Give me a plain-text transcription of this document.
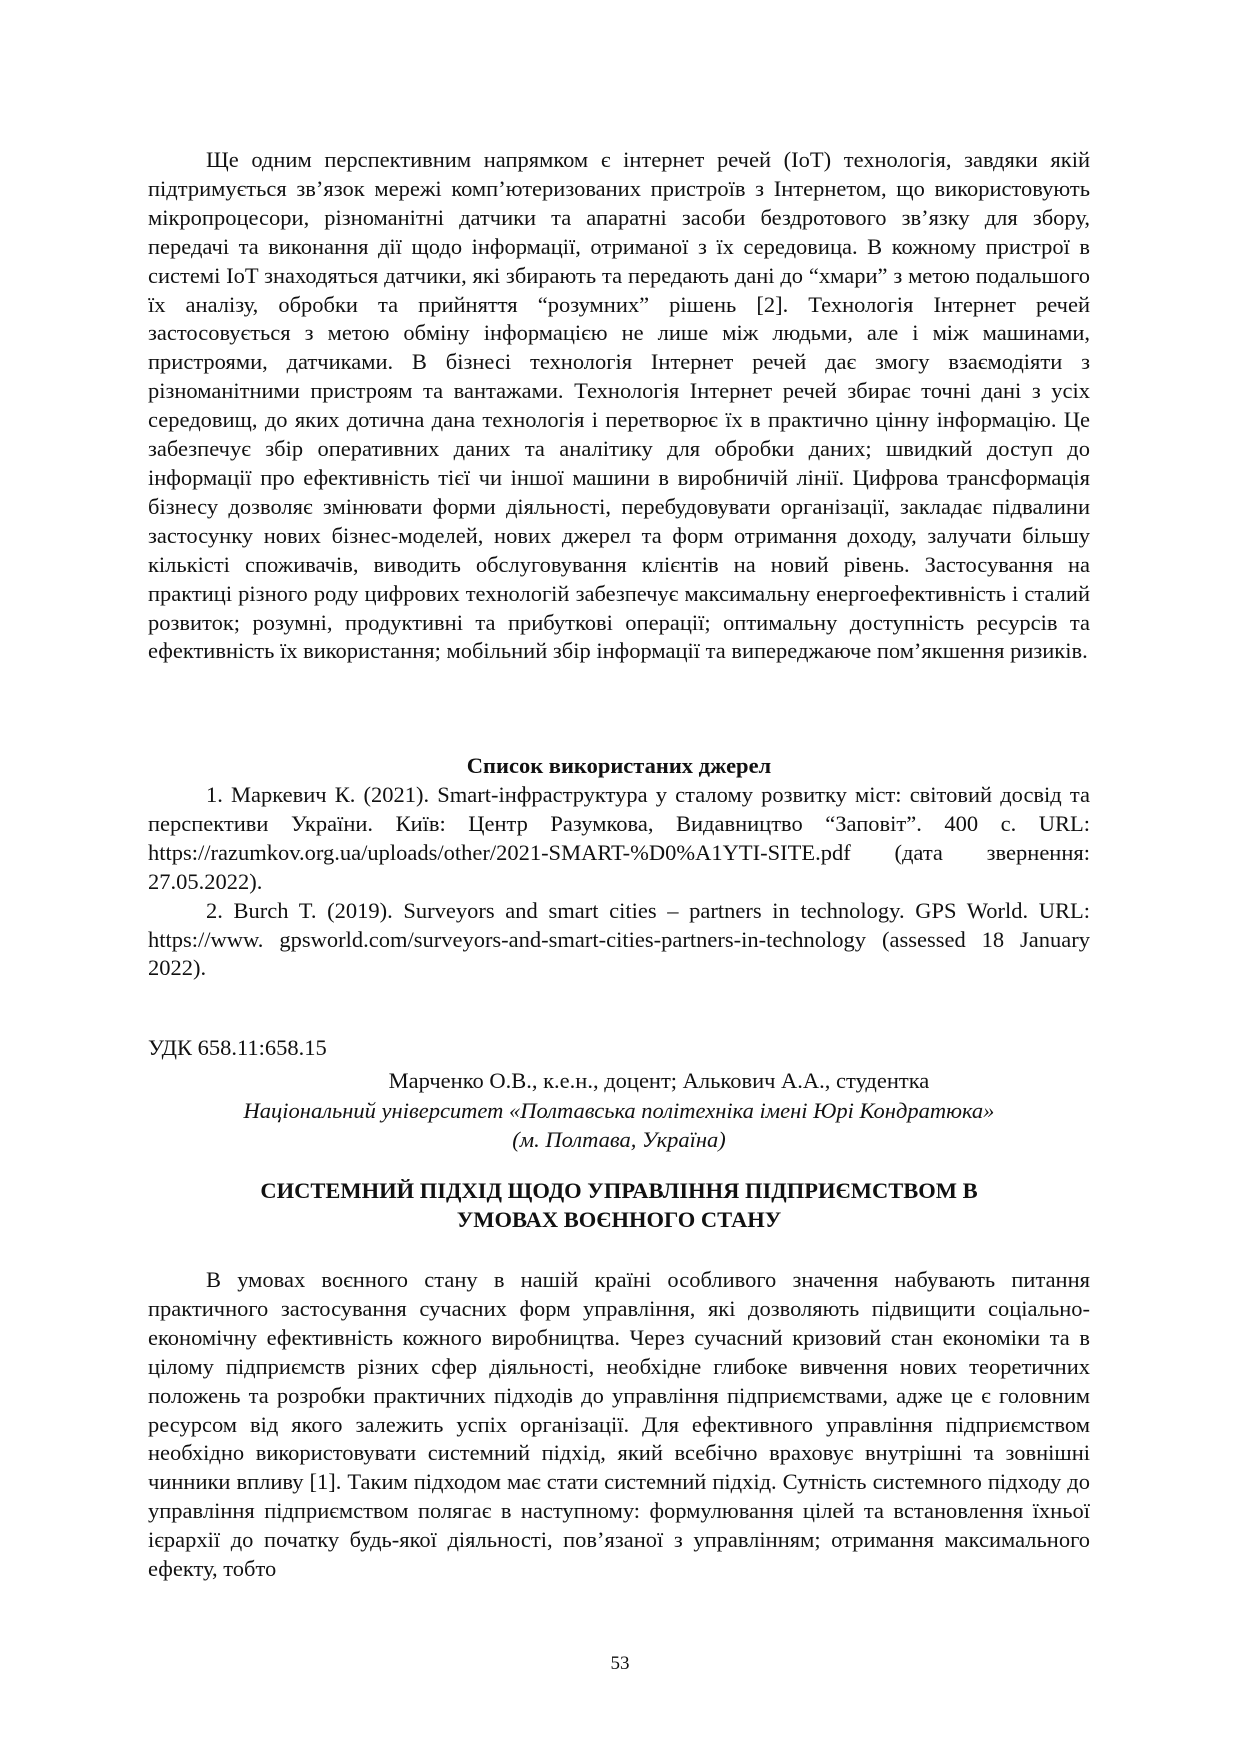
Ще одним перспективним напрямком є інтернет речей (IoT) технологія, завдяки якій підтримується зв’язок мережі комп’ютеризованих пристроїв з Інтернетом, що використовують мікропроцесори, різноманітні датчики та апаратні засоби бездротового зв’язку для збору, передачі та виконання дії щодо інформації, отриманої з їх середовица. В кожному пристрої в системі IoT знаходяться датчики, які збирають та передають дані до “хмари” з метою подальшого їх аналізу, обробки та прийняття “розумних” рішень [2]. Технологія Інтернет речей застосовується з метою обміну інформацією не лише між людьми, але і між машинами, пристроями, датчиками. В бізнесі технологія Інтернет речей дає змогу взаємодіяти з різноманітними пристроям та вантажами. Технологія Інтернет речей збирає точні дані з усіх середовищ, до яких дотична дана технологія і перетворює їх в практично цінну інформацію. Це забезпечує збір оперативних даних та аналітику для обробки даних; швидкий доступ до інформації про ефективність тієї чи іншої машини в виробничій лінії. Цифрова трансформація бізнесу дозволяє змінювати форми діяльності, перебудовувати організації, закладає підвалини застосунку нових бізнес-моделей, нових джерел та форм отримання доходу, залучати більшу кількісті споживачів, виводить обслуговування клієнтів на новий рівень. Застосування на практиці різного роду цифрових технологій забезпечує максимальну енергоефективність і сталий розвиток; розумні, продуктивні та прибуткові операції; оптимальну доступність ресурсів та ефективність їх використання; мобільний збір інформації та випереджаюче пом’якшення ризиків.

Список використаних джерел

1. Маркевич К. (2021). Smart-інфраструктура у сталому розвитку міст: світовий досвід та перспективи України. Київ: Центр Разумкова, Видавництво “Заповіт”. 400 с. URL: https://razumkov.org.ua/uploads/other/2021-SMART-%D0%A1YTI-SITE.pdf (дата звернення: 27.05.2022).

2. Burch T. (2019). Surveyors and smart cities – partners in technology. GPS World. URL: https://www. gpsworld.com/surveyors-and-smart-cities-partners-in-technology (assessed 18 January 2022).

УДК 658.11:658.15
Марченко О.В., к.е.н., доцент; Алькович А.А., студентка
Національний університет «Полтавська політехніка імені Юрі Кондратюка»
(м. Полтава, Україна)
СИСТЕМНИЙ ПІДХІД ЩОДО УПРАВЛІННЯ ПІДПРИЄМСТВОМ В
УМОВАХ ВОЄННОГО СТАНУ

В умовах воєнного стану в нашій країні особливого значення набувають питання практичного застосування сучасних форм управління, які дозволяють підвищити соціально-економічну ефективність кожного виробництва. Через сучасний кризовий стан економіки та в цілому підприємств різних сфер діяльності, необхідне глибоке вивчення нових теоретичних положень та розробки практичних підходів до управління підприємствами, адже це є головним ресурсом від якого залежить успіх організації. Для ефективного управління підприємством необхідно використовувати системний підхід, який всебічно враховує внутрішні та зовнішні чинники впливу [1]. Таким підходом має стати системний підхід. Сутність системного підходу до управління підприємством полягає в наступному: формулювання цілей та встановлення їхньої ієрархії до початку будь-якої діяльності, пов’язаної з управлінням; отримання максимального ефекту, тобто

53
